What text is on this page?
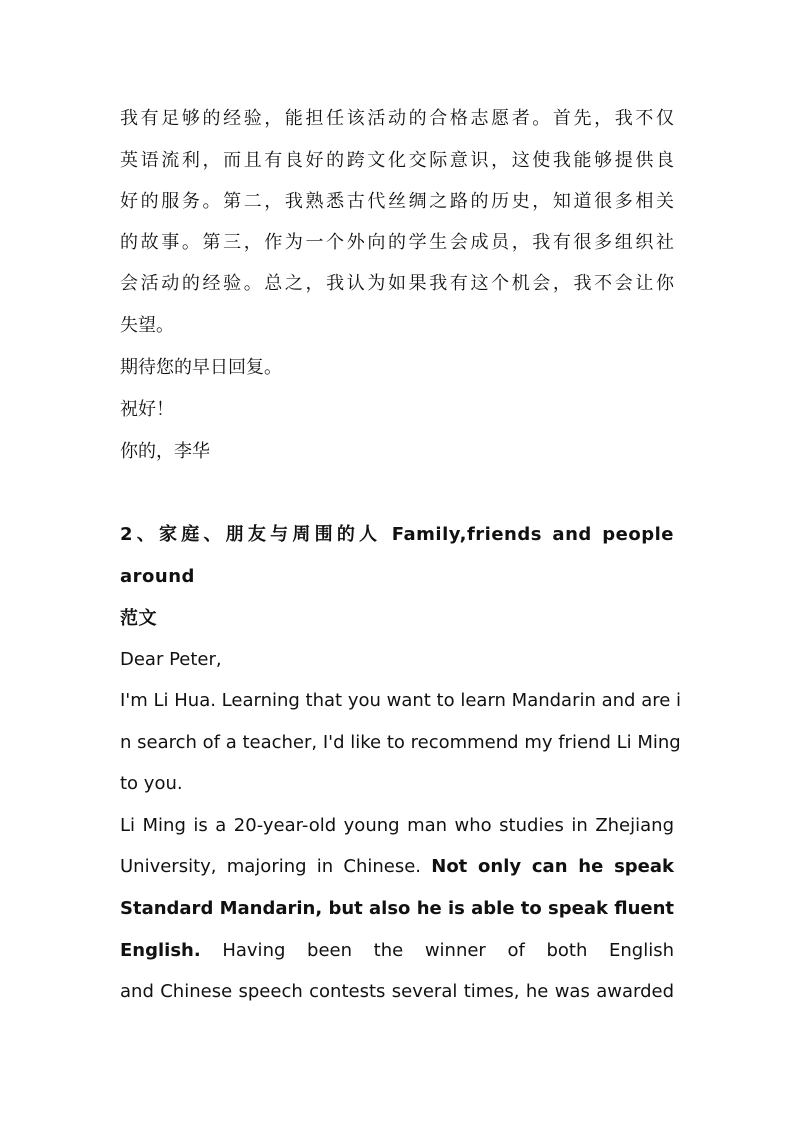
我有足够的经验，能担任该活动的合格志愿者。首先，我不仅
英语流利，而且有良好的跨文化交际意识，这使我能够提供良
好的服务。第二，我熟悉古代丝绸之路的历史，知道很多相关
的故事。第三，作为一个外向的学生会成员，我有很多组织社
会活动的经验。总之，我认为如果我有这个机会，我不会让你
失望。
期待您的早日回复。
祝好！
你的，李华
2、家庭、朋友与周围的人 Family,friends and people
around
范文
Dear Peter,
I'm Li Hua. Learning that you want to learn Mandarin and are i
n search of a teacher, I'd like to recommend my friend Li Ming
to you.
Li Ming is a 20-year-old young man who studies in Zhejiang
University, majoring in Chinese. Not only can he speak
Standard Mandarin, but also he is able to speak fluent
English. Having been the winner of both English
and Chinese speech contests several times, he was awarded
